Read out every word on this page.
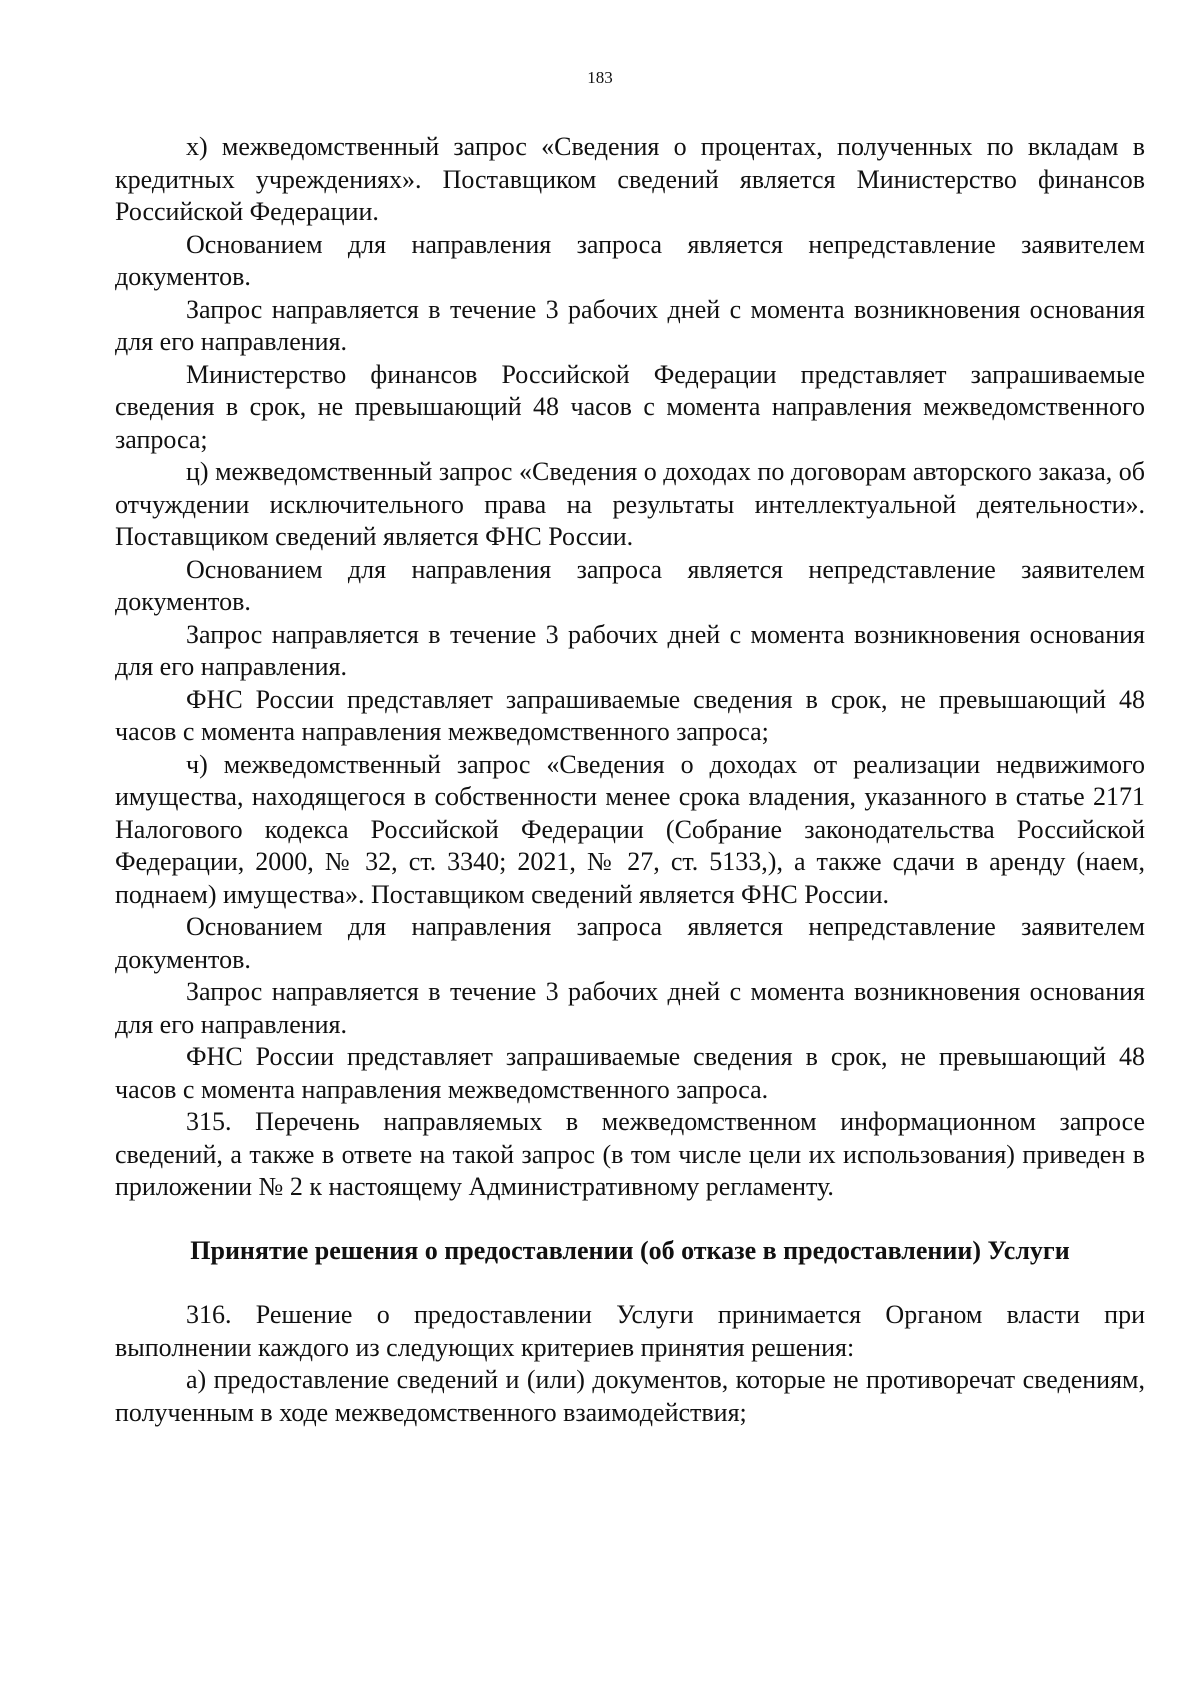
183

х) межведомственный запрос «Сведения о процентах, полученных по вкладам в кредитных учреждениях». Поставщиком сведений является Министерство финансов Российской Федерации.

Основанием для направления запроса является непредставление заявителем документов.

Запрос направляется в течение 3 рабочих дней с момента возникновения основания для его направления.

Министерство финансов Российской Федерации представляет запрашиваемые сведения в срок, не превышающий 48 часов с момента направления межведомственного запроса;

ц) межведомственный запрос «Сведения о доходах по договорам авторского заказа, об отчуждении исключительного права на результаты интеллектуальной деятельности». Поставщиком сведений является ФНС России.

Основанием для направления запроса является непредставление заявителем документов.

Запрос направляется в течение 3 рабочих дней с момента возникновения основания для его направления.

ФНС России представляет запрашиваемые сведения в срок, не превышающий 48 часов с момента направления межведомственного запроса;

ч) межведомственный запрос «Сведения о доходах от реализации недвижимого имущества, находящегося в собственности менее срока владения, указанного в статье 2171 Налогового кодекса Российской Федерации (Собрание законодательства Российской Федерации, 2000, № 32, ст. 3340; 2021, № 27, ст. 5133,), а также сдачи в аренду (наем, поднаем) имущества». Поставщиком сведений является ФНС России.

Основанием для направления запроса является непредставление заявителем документов.

Запрос направляется в течение 3 рабочих дней с момента возникновения основания для его направления.

ФНС России представляет запрашиваемые сведения в срок, не превышающий 48 часов с момента направления межведомственного запроса.

315. Перечень направляемых в межведомственном информационном запросе сведений, а также в ответе на такой запрос (в том числе цели их использования) приведен в приложении № 2 к настоящему Административному регламенту.

Принятие решения о предоставлении (об отказе в предоставлении) Услуги

316. Решение о предоставлении Услуги принимается Органом власти при выполнении каждого из следующих критериев принятия решения:

а) предоставление сведений и (или) документов, которые не противоречат сведениям, полученным в ходе межведомственного взаимодействия;
